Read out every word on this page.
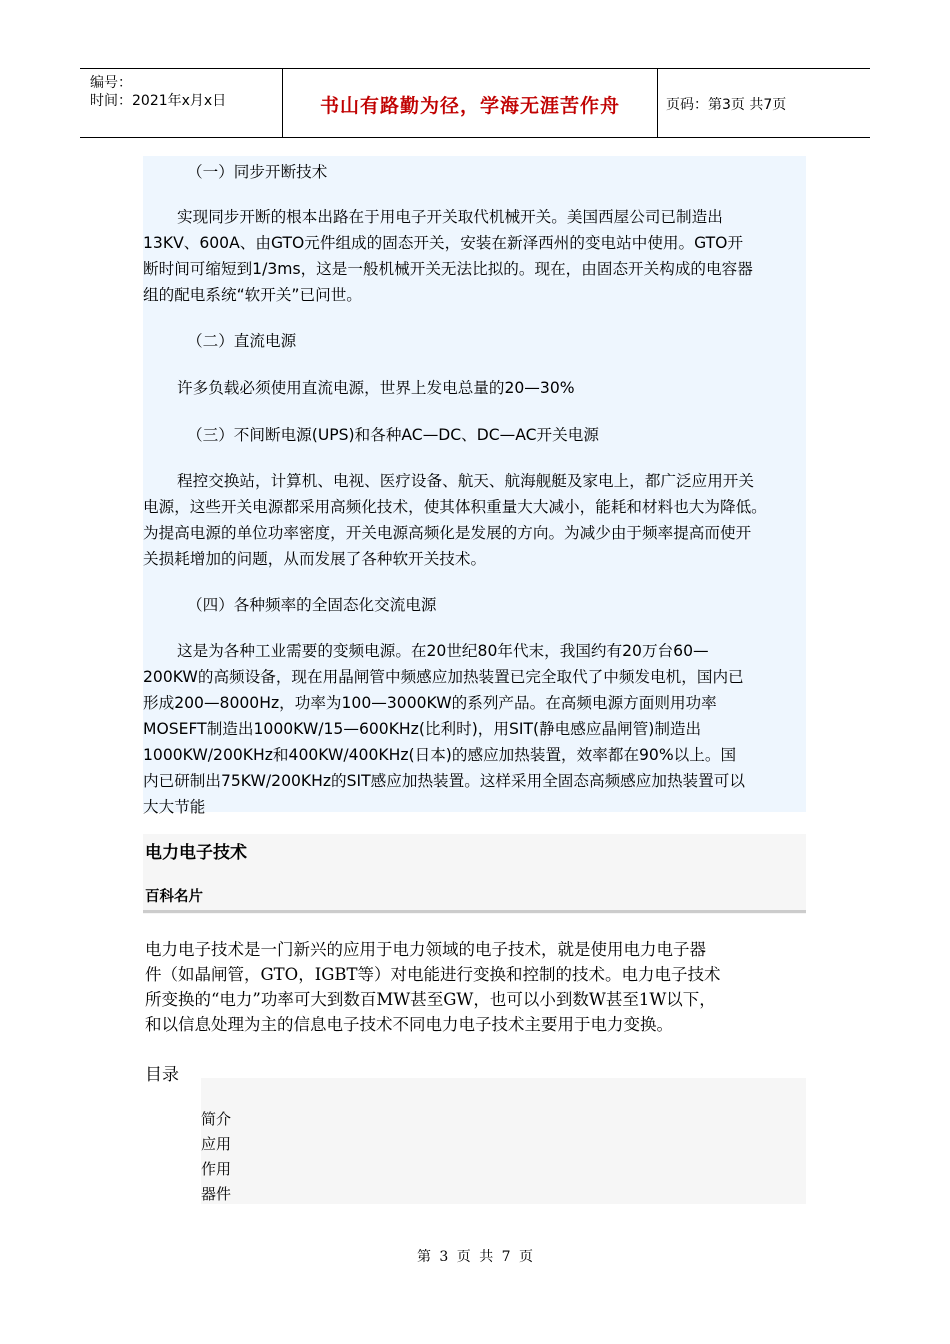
编号：
时间：2021年x月x日	书山有路勤为径，学海无涯苦作舟	页码：第3页 共7页

（一）同步开断技术

实现同步开断的根本出路在于用电子开关取代机械开关。美国西屋公司已制造出

13KV、600A、由GTO元件组成的固态开关，安装在新泽西州的变电站中使用。GTO开

断时间可缩短到1/3ms，这是一般机械开关无法比拟的。现在，由固态开关构成的电容器

组的配电系统“软开关”已问世。

（二）直流电源

许多负载必须使用直流电源，世界上发电总量的20—30%

（三）不间断电源(UPS)和各种AC—DC、DC—AC开关电源

程控交换站，计算机、电视、医疗设备、航天、航海舰艇及家电上，都广泛应用开关

电源，这些开关电源都采用高频化技术，使其体积重量大大减小，能耗和材料也大为降低。

为提高电源的单位功率密度，开关电源高频化是发展的方向。为减少由于频率提高而使开

关损耗增加的问题，从而发展了各种软开关技术。

（四）各种频率的全固态化交流电源

这是为各种工业需要的变频电源。在20世纪80年代末，我国约有20万台60—

200KW的高频设备，现在用晶闸管中频感应加热装置已完全取代了中频发电机，国内已

形成200—8000Hz，功率为100—3000KW的系列产品。在高频电源方面则用功率

MOSEFT制造出1000KW/15—600KHz(比利时)，用SIT(静电感应晶闸管)制造出

1000KW/200KHz和400KW/400KHz(日本)的感应加热装置，效率都在90%以上。国

内已研制出75KW/200KHz的SIT感应加热装置。这样采用全固态高频感应加热装置可以

大大节能

电力电子技术
百科名片

电力电子技术是一门新兴的应用于电力领域的电子技术，就是使用电力电子器

件（如晶闸管，GTO，IGBT等）对电能进行变换和控制的技术。电力电子技术

所变换的“电力”功率可大到数百MW甚至GW，也可以小到数W甚至1W以下，

和以信息处理为主的信息电子技术不同电力电子技术主要用于电力变换。

目录
简介
应用
作用
器件
第 3 页 共 7 页
